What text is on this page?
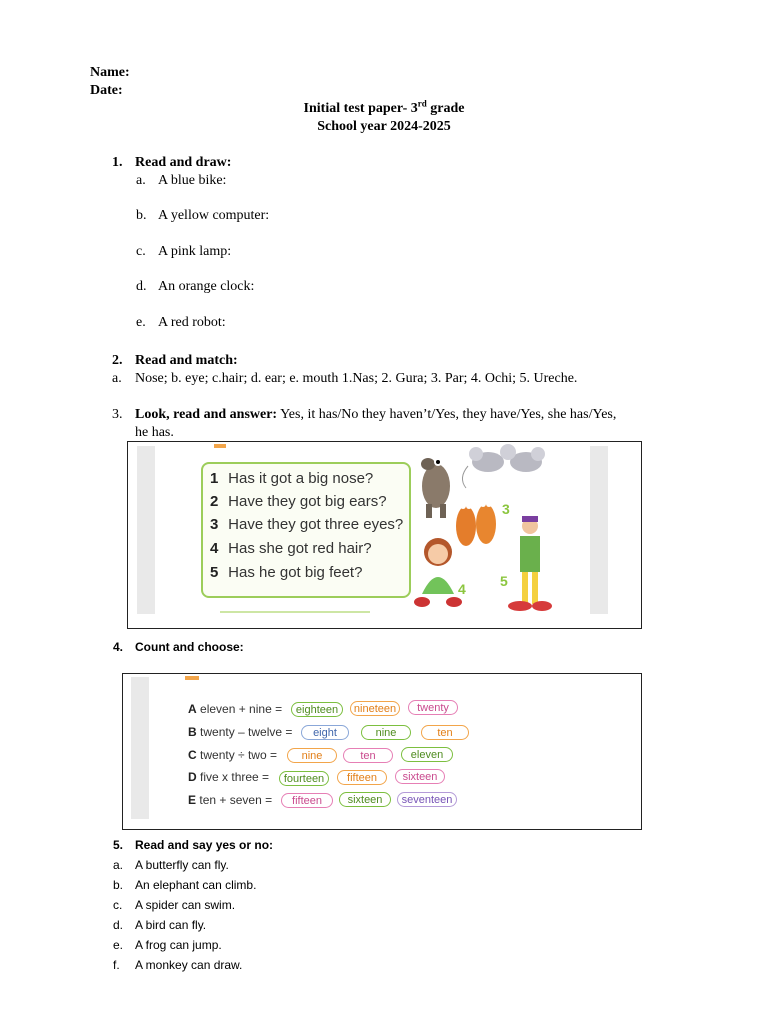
Name:
Date:
Initial test paper- 3rd grade
School year 2024-2025
1. Read and draw:
a. A blue bike:
b. A yellow computer:
c. A pink lamp:
d. An orange clock:
e. A red robot:
2. Read and match:
a. Nose; b. eye; c.hair; d. ear; e. mouth 1.Nas; 2. Gura; 3. Par; 4. Ochi; 5. Ureche.
3. Look, read and answer: Yes, it has/No they haven’t/Yes, they have/Yes, she has/Yes,
he has.
1 Has it got a big nose?
2 Have they got big ears?
3 Have they got three eyes?
4 Has she got red hair?
5 Has he got big feet?
3
4 5
4. Count and choose:
A eleven + nine =	eighteen	nineteen	twenty
B twenty – twelve =	eight	nine	ten
C twenty ÷ two =	nine	ten	eleven
D five x three =	fourteen	fifteen	sixteen
E ten + seven =	fifteen	sixteen	seventeen
5. Read and say yes or no:
a. A butterfly can fly.
b. An elephant can climb.
c. A spider can swim.
d. A bird can fly.
e. A frog can jump.
f. A monkey can draw.
